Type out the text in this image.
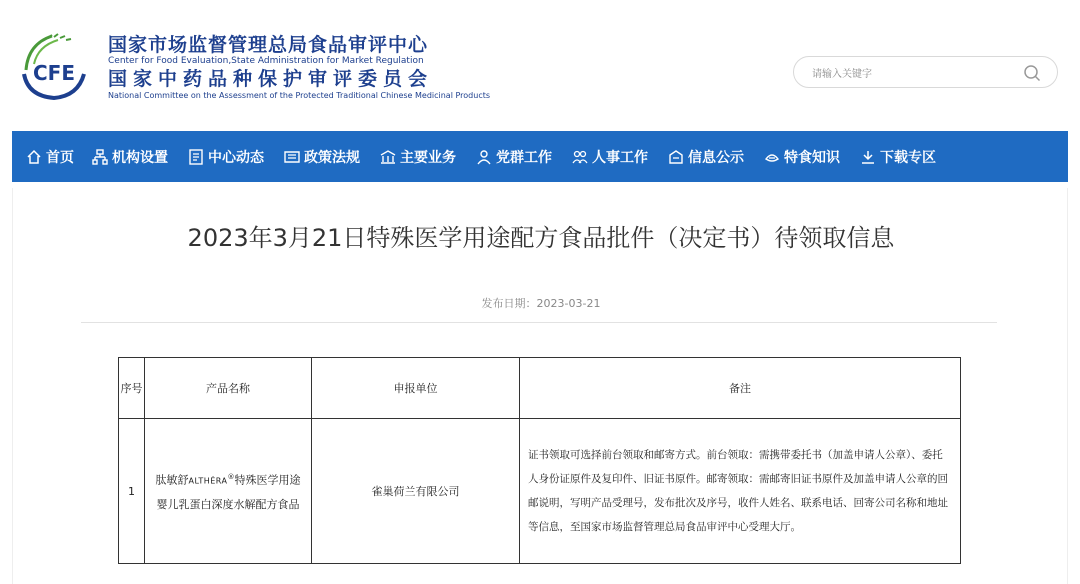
CFE
国家市场监督管理总局食品审评中心
Center for Food Evaluation,State Administration for Market Regulation
国家中药品种保护审评委员会
National Committee on the Assessment of the Protected Traditional Chinese Medicinal Products
请输入关键字
首页	机构设置	中心动态	政策法规	主要业务	党群工作	人事工作	信息公示	特食知识	下载专区
2023年3月21日特殊医学用途配方食品批件（决定书）待领取信息
发布日期：2023-03-21
序号	产品名称	申报单位	备注
1	肽敏舒ALTHÉRA®特殊医学用途婴儿乳蛋白深度水解配方食品	雀巢荷兰有限公司	证书领取可选择前台领取和邮寄方式。前台领取：需携带委托书（加盖申请人公章）、委托人身份证原件及复印件、旧证书原件。邮寄领取：需邮寄旧证书原件及加盖申请人公章的回邮说明，写明产品受理号，发布批次及序号，收件人姓名、联系电话、回寄公司名称和地址等信息，至国家市场监督管理总局食品审评中心受理大厅。
